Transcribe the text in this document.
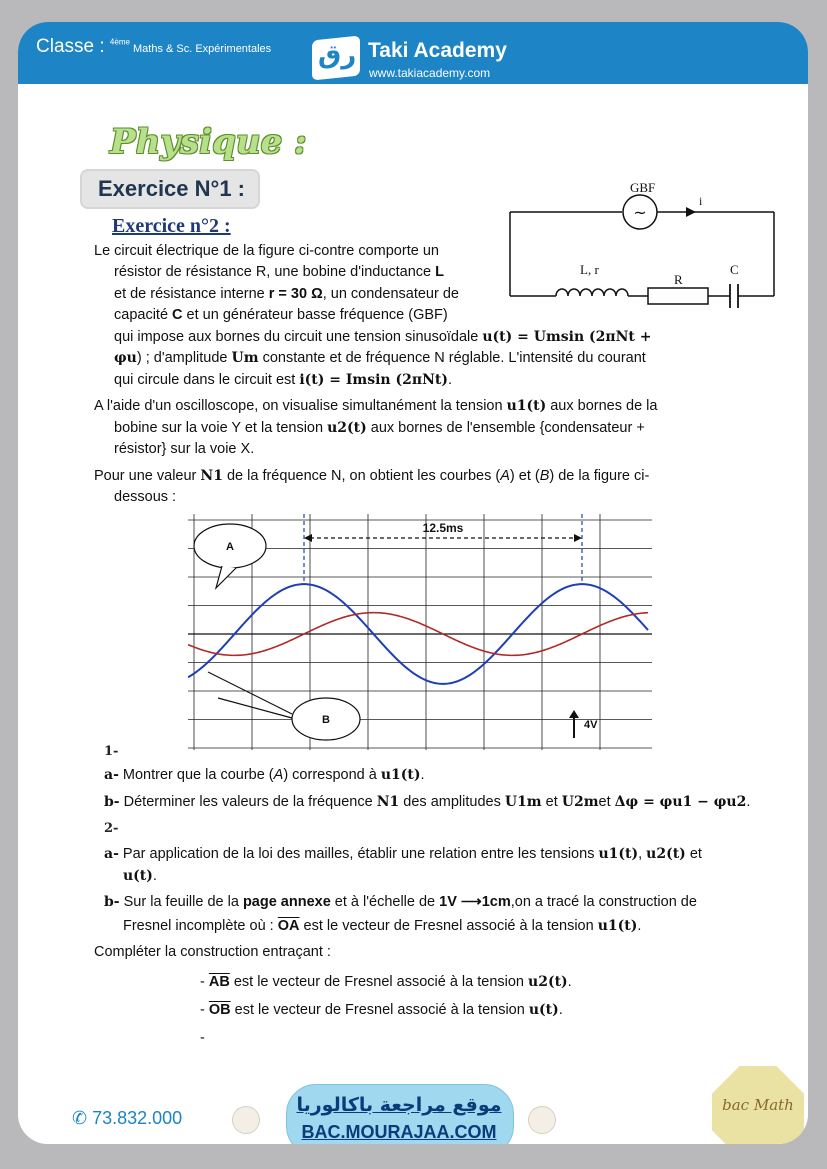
Classe : $^{4ème}$ Maths & Sc. Expérimentales رق Taki Academy
www.takiacademy.com
Physique :
Exercice N°1 :
Exercice n°2 :
GBF
~
i
L, r
R
C
Le circuit électrique de la figure ci-contre comporte un
résistor de résistance R, une bobine d'inductance L
et de résistance interne r = 30 Ω, un condensateur de
capacité C et un générateur basse fréquence (GBF)
qui impose aux bornes du circuit une tension sinusoïdale u(t) = Umsin (2πNt +
φu) ; d'amplitude Um constante et de fréquence N réglable. L'intensité du courant
qui circule dans le circuit est i(t) = Imsin (2πNt).
A l'aide d'un oscilloscope, on visualise simultanément la tension u1(t) aux bornes de la
bobine sur la voie Y et la tension u2(t) aux bornes de l'ensemble {condensateur +
résistor} sur la voie X.
Pour une valeur N1 de la fréquence N, on obtient les courbes (A) et (B) de la figure ci-
dessous :
12.5ms
A
B	4V
1-
a- Montrer que la courbe (A) correspond à u1(t).
b- Déterminer les valeurs de la fréquence N1 des amplitudes U1m et U2met Δφ = φu1 − φu2.
2-
a- Par application de la loi des mailles, établir une relation entre les tensions u1(t), u2(t) et
u(t).
b- Sur la feuille de la page annexe et à l'échelle de 1V ⟶1cm,on a tracé la construction de
Fresnel incomplète où : $\overline{OA}$ est le vecteur de Fresnel associé à la tension u1(t).
Compléter la construction entraçant :
- $\overline{AB}$ est le vecteur de Fresnel associé à la tension u2(t).
- $\overline{OB}$ est le vecteur de Fresnel associé à la tension u(t).
-
✆ 73.832.000
موقع مراجعة باكالوريا
BAC.MOURAJAA.COM
bac Math
